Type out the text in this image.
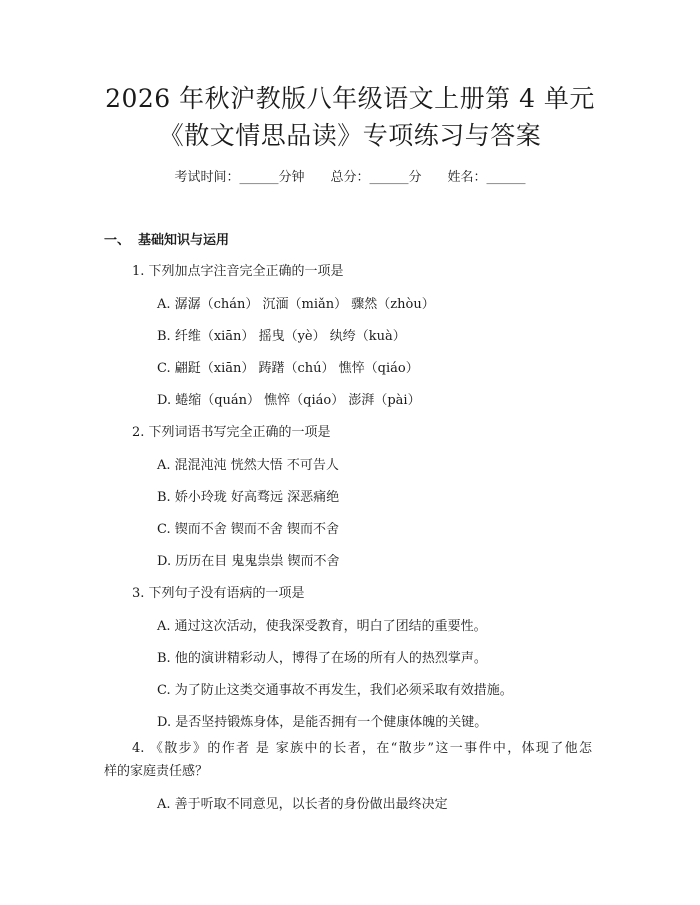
2026 年秋沪教版八年级语文上册第 4 单元
《散文情思品读》专项练习与答案
考试时间：______分钟 总分：______分 姓名：______
一、 基础知识与运用
1. 下列加点字注音完全正确的一项是
A. 潺潺（chán） 沉湎（miǎn） 骤然（zhòu）
B. 纤维（xiān） 摇曳（yè） 纨绔（kuà）
C. 翩跹（xiān） 踌躇（chú） 憔悴（qiáo）
D. 蜷缩（quán） 憔悴（qiáo） 澎湃（pài）
2. 下列词语书写完全正确的一项是
A. 混混沌沌 恍然大悟 不可告人
B. 娇小玲珑 好高骛远 深恶痛绝
C. 锲而不舍 锲而不舍 锲而不舍
D. 历历在目 鬼鬼祟祟 锲而不舍
3. 下列句子没有语病的一项是
A. 通过这次活动，使我深受教育，明白了团结的重要性。
B. 他的演讲精彩动人，博得了在场的所有人的热烈掌声。
C. 为了防止这类交通事故不再发生，我们必须采取有效措施。
D. 是否坚持锻炼身体，是能否拥有一个健康体魄的关键。
4. 《散步》的作者 是 家族中的长者，在“散步”这一事件中，体现了他怎
样的家庭责任感？
A. 善于听取不同意见，以长者的身份做出最终决定
